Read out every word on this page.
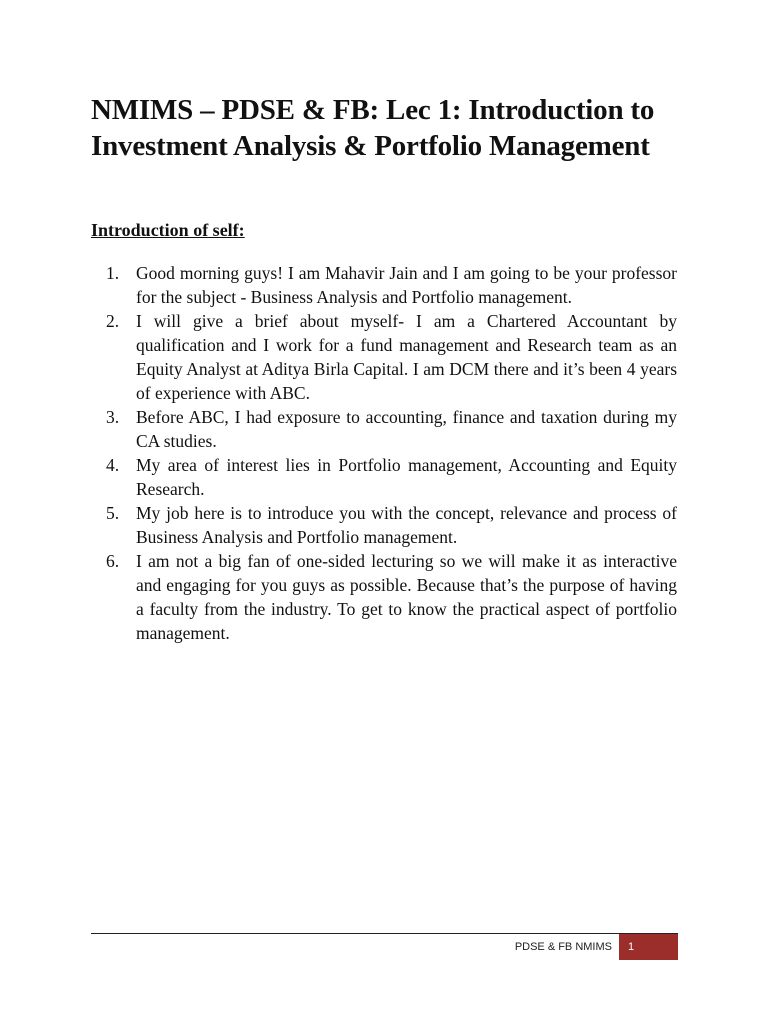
NMIMS – PDSE & FB: Lec 1: Introduction to Investment Analysis & Portfolio Management
Introduction of self:
1. Good morning guys! I am Mahavir Jain and I am going to be your professor for the subject - Business Analysis and Portfolio management.
2. I will give a brief about myself- I am a Chartered Accountant by qualification and I work for a fund management and Research team as an Equity Analyst at Aditya Birla Capital. I am DCM there and it’s been 4 years of experience with ABC.
3. Before ABC, I had exposure to accounting, finance and taxation during my CA studies.
4. My area of interest lies in Portfolio management, Accounting and Equity Research.
5. My job here is to introduce you with the concept, relevance and process of Business Analysis and Portfolio management.
6. I am not a big fan of one-sided lecturing so we will make it as interactive and engaging for you guys as possible. Because that’s the purpose of having a faculty from the industry. To get to know the practical aspect of portfolio management.
PDSE & FB NMIMS	1
